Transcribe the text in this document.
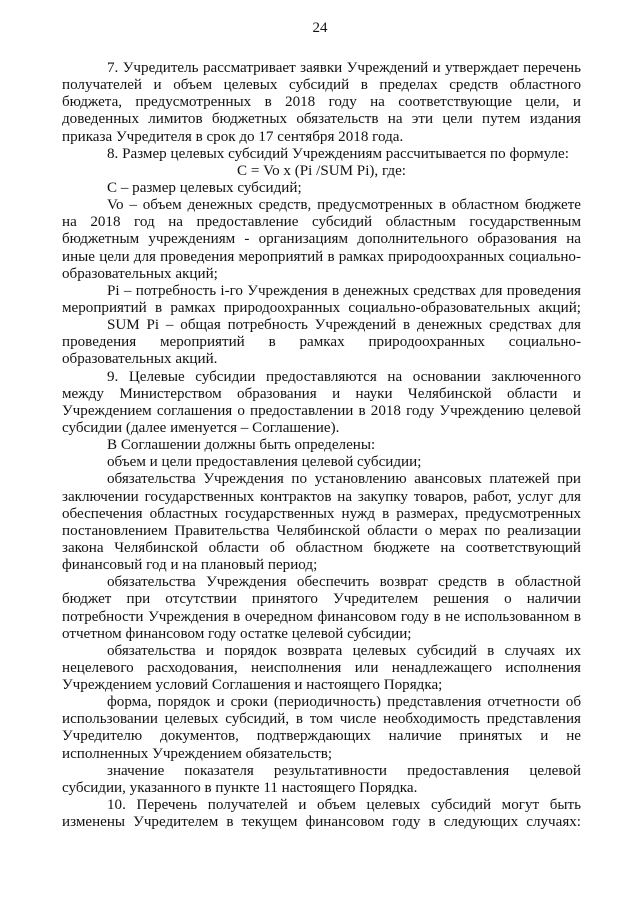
24
7. Учредитель рассматривает заявки Учреждений и утверждает перечень
получателей и объем целевых субсидий в пределах средств областного
бюджета, предусмотренных в 2018 году на соответствующие цели, и
доведенных лимитов бюджетных обязательств на эти цели путем издания
приказа Учредителя в срок до 17 сентября 2018 года.
8. Размер целевых субсидий Учреждениям рассчитывается по формуле:
С = Vo x (Pi /SUM Pi), где:
С – размер целевых субсидий;
Vo – объем денежных средств, предусмотренных в областном бюджете
на 2018 год на предоставление субсидий областным государственным
бюджетным учреждениям - организациям дополнительного образования на
иные цели для проведения мероприятий в рамках природоохранных социально-
образовательных акций;
Pi – потребность i-го Учреждения в денежных средствах для проведения
мероприятий в рамках природоохранных социально-образовательных акций;
SUM Pi – общая потребность Учреждений в денежных средствах для
проведения мероприятий в рамках природоохранных социально-
образовательных акций.
9. Целевые субсидии предоставляются на основании заключенного
между Министерством образования и науки Челябинской области и
Учреждением соглашения о предоставлении в 2018 году Учреждению целевой
субсидии (далее именуется – Соглашение).
В Соглашении должны быть определены:
объем и цели предоставления целевой субсидии;
обязательства Учреждения по установлению авансовых платежей при
заключении государственных контрактов на закупку товаров, работ, услуг для
обеспечения областных государственных нужд в размерах, предусмотренных
постановлением Правительства Челябинской области о мерах по реализации
закона Челябинской области об областном бюджете на соответствующий
финансовый год и на плановый период;
обязательства Учреждения обеспечить возврат средств в областной
бюджет при отсутствии принятого Учредителем решения о наличии
потребности Учреждения в очередном финансовом году в не использованном в
отчетном финансовом году остатке целевой субсидии;
обязательства и порядок возврата целевых субсидий в случаях их
нецелевого расходования, неисполнения или ненадлежащего исполнения
Учреждением условий Соглашения и настоящего Порядка;
форма, порядок и сроки (периодичность) представления отчетности об
использовании целевых субсидий, в том числе необходимость представления
Учредителю документов, подтверждающих наличие принятых и не
исполненных Учреждением обязательств;
значение показателя результативности предоставления целевой
субсидии, указанного в пункте 11 настоящего Порядка.
10. Перечень получателей и объем целевых субсидий могут быть
изменены Учредителем в текущем финансовом году в следующих случаях:
